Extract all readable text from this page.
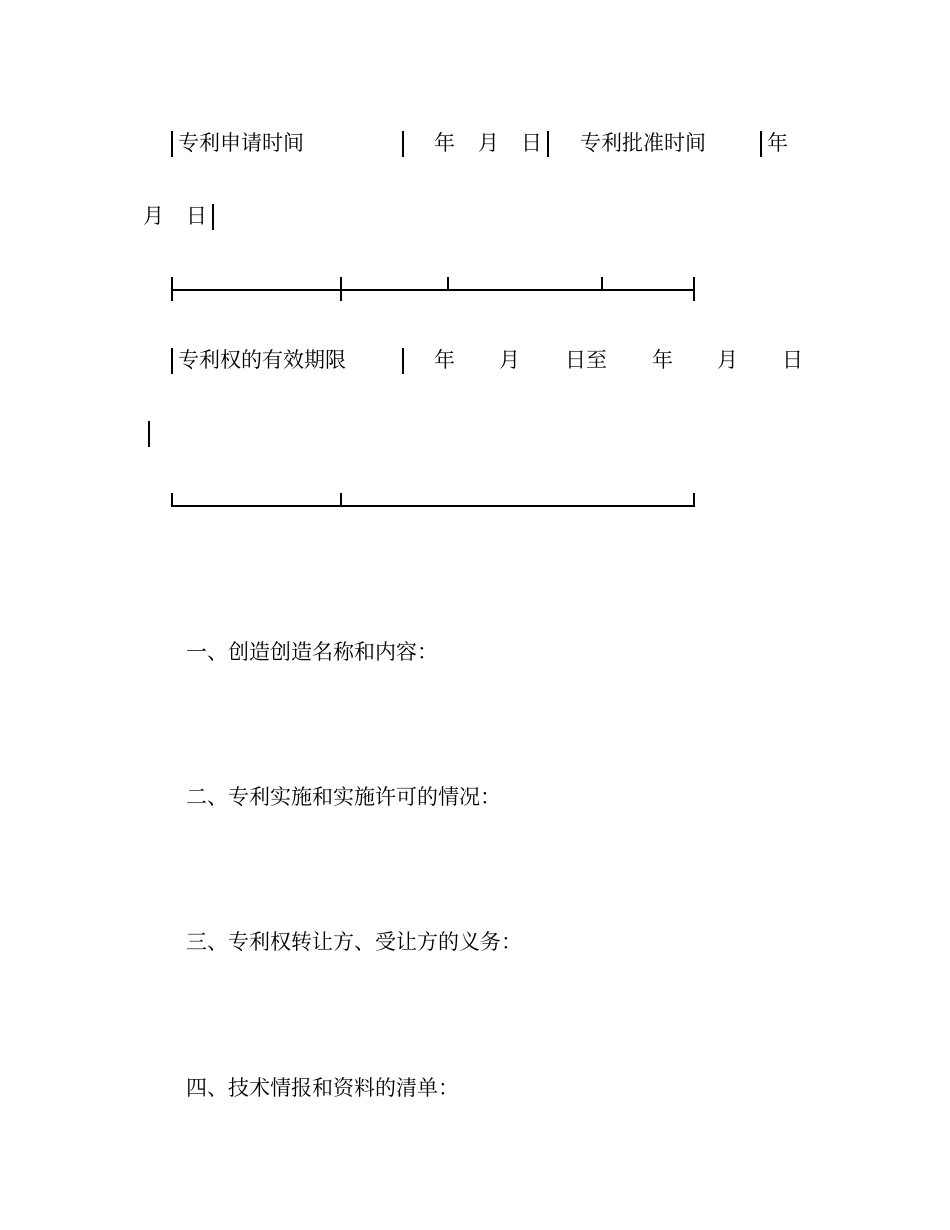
专利申请时间	年 月 日 专利批准时间	年
月 日
专利权的有效期限	年 月 日至 年 月 日
一、创造创造名称和内容：
二、专利实施和实施许可的情况：
三、专利权转让方、受让方的义务：
四、技术情报和资料的清单：
